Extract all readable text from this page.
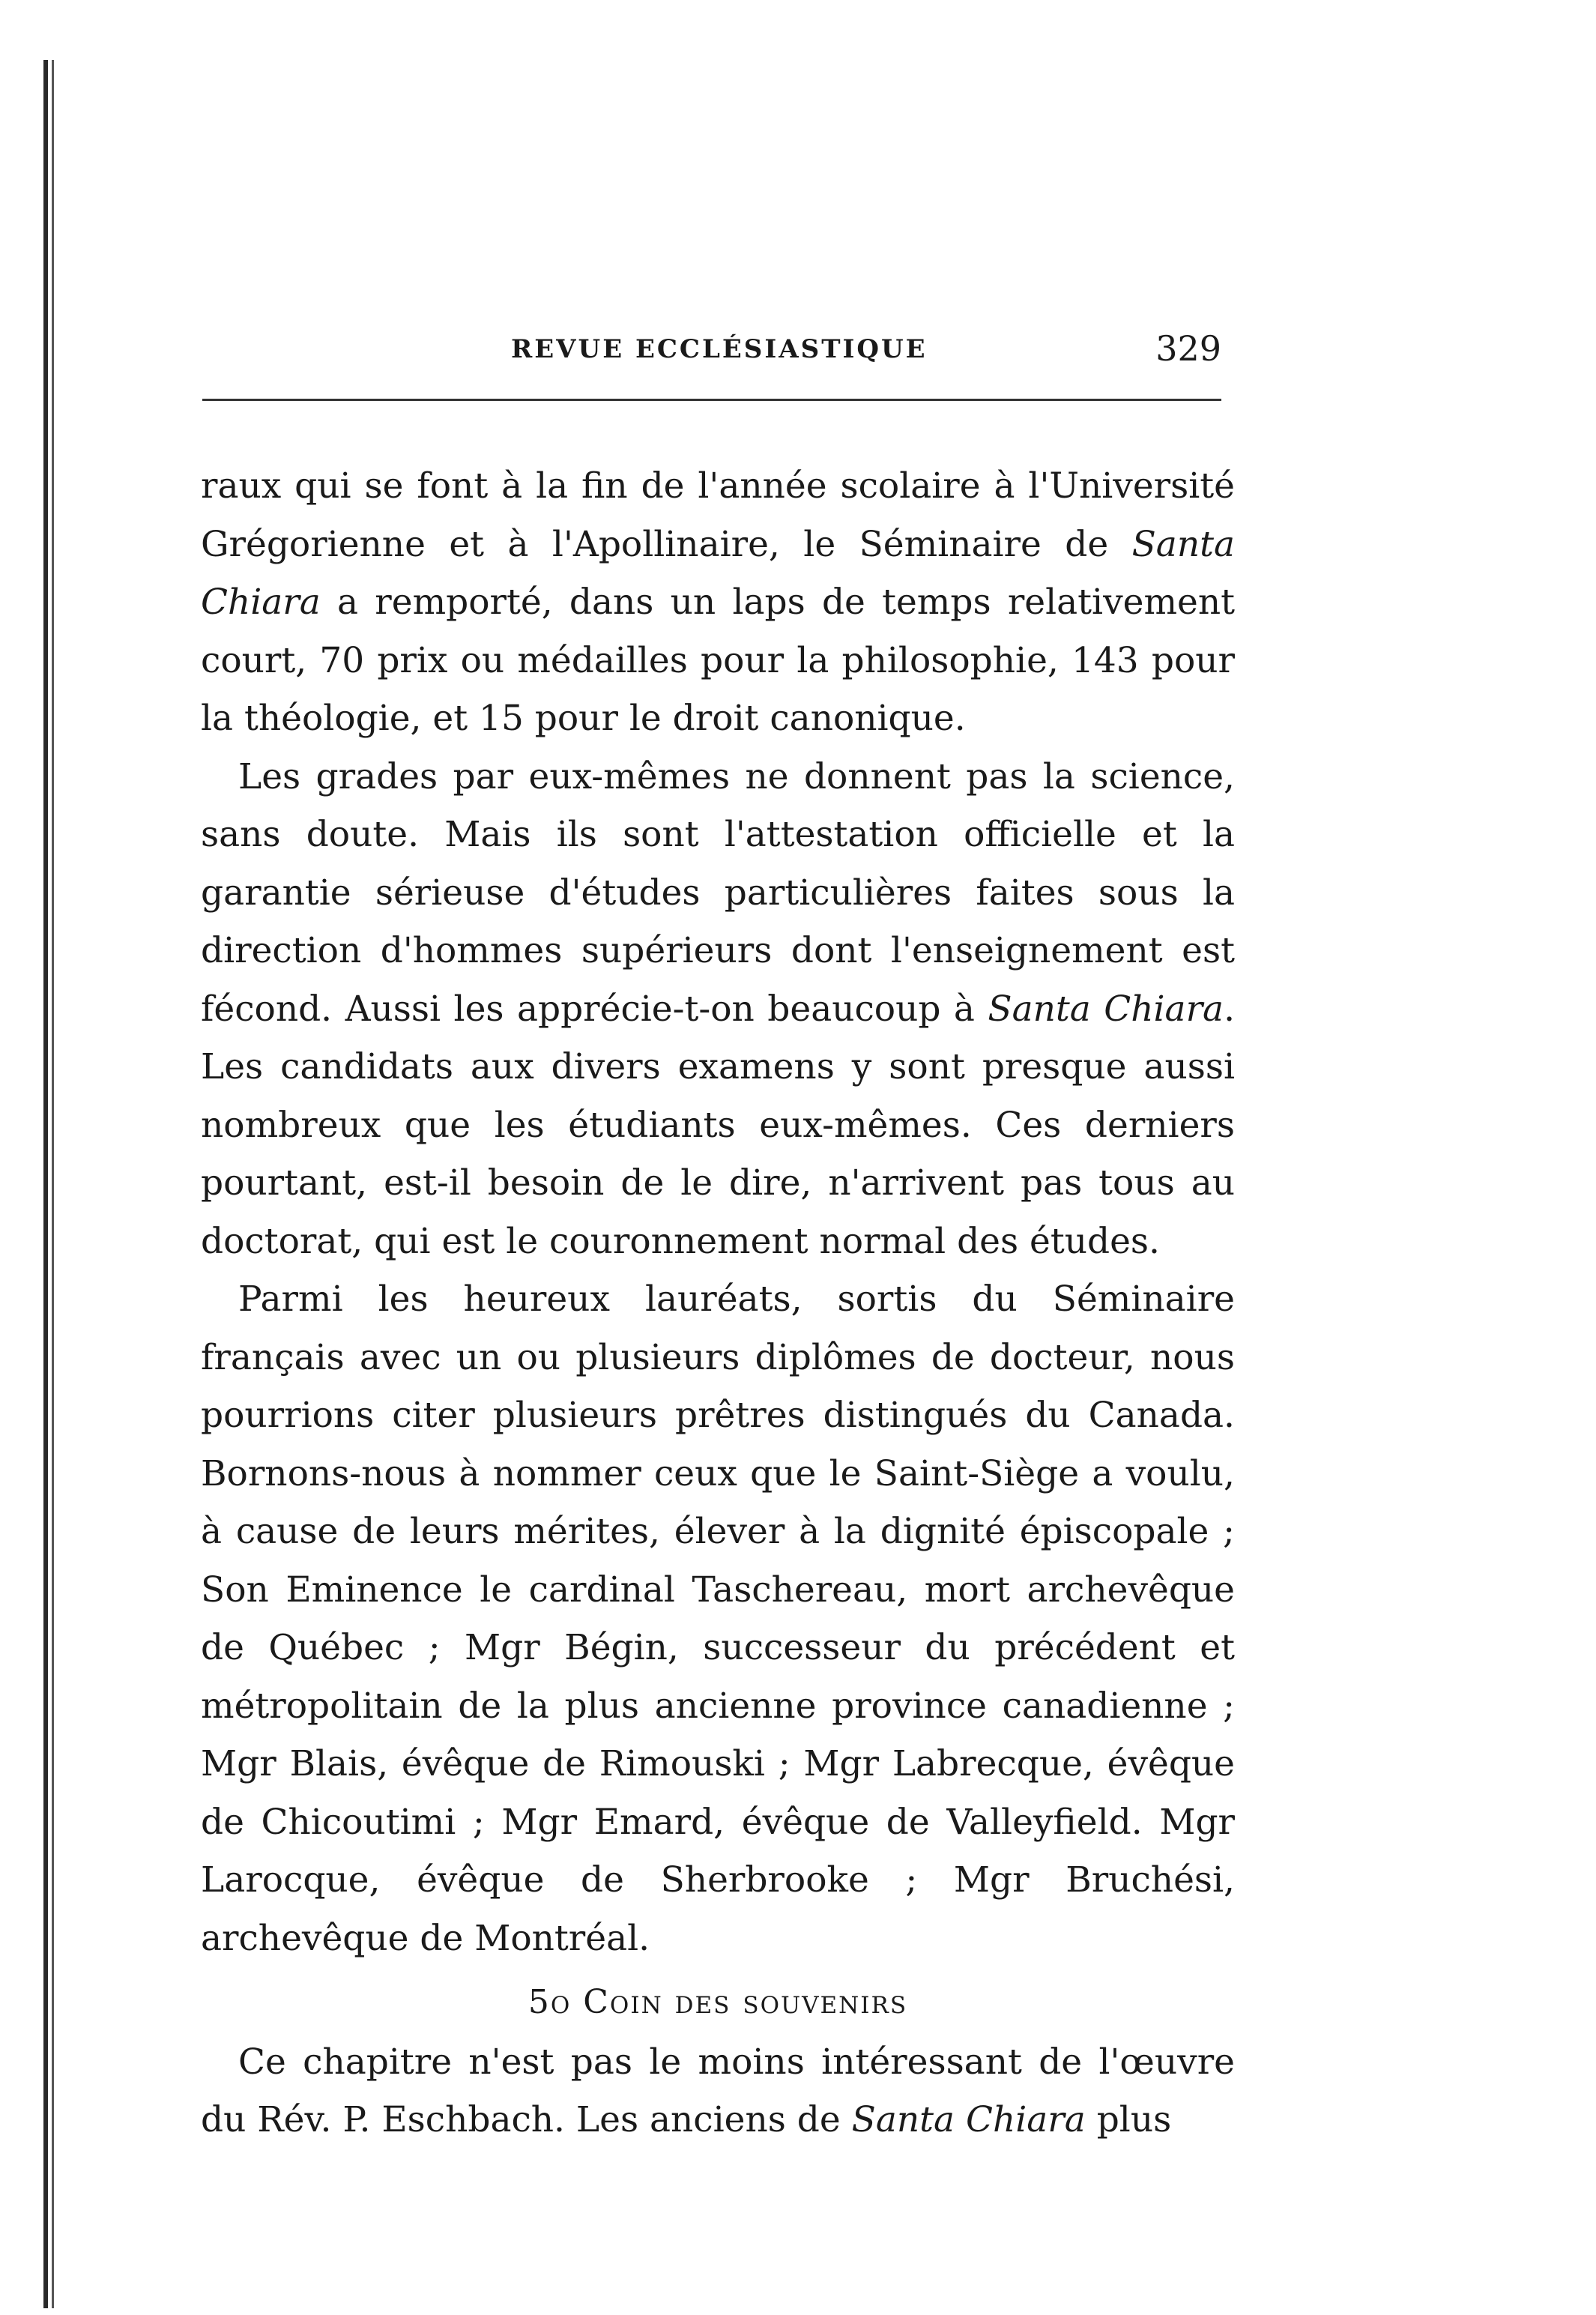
REVUE ECCLÉSIASTIQUE	329

raux qui se font à la fin de l'année scolaire à l'Université Grégorienne et à l'Apollinaire, le Séminaire de Santa Chiara a remporté, dans un laps de temps relativement court, 70 prix ou médailles pour la philosophie, 143 pour la théologie, et 15 pour le droit canonique.

Les grades par eux-mêmes ne donnent pas la science, sans doute. Mais ils sont l'attestation officielle et la garantie sérieuse d'études particulières faites sous la direction d'hommes supérieurs dont l'enseignement est fécond. Aussi les apprécie-t-on beaucoup à Santa Chiara. Les candidats aux divers examens y sont presque aussi nombreux que les étudiants eux-mêmes. Ces derniers pourtant, est-il besoin de le dire, n'arrivent pas tous au doctorat, qui est le couronnement normal des études.

Parmi les heureux lauréats, sortis du Séminaire français avec un ou plusieurs diplômes de docteur, nous pourrions citer plusieurs prêtres distingués du Canada. Bornons-nous à nommer ceux que le Saint-Siège a voulu, à cause de leurs mérites, élever à la dignité épiscopale ; Son Eminence le cardinal Taschereau, mort archevêque de Québec ; Mgr Bégin, successeur du précédent et métropolitain de la plus ancienne province canadienne ; Mgr Blais, évêque de Rimouski ; Mgr Labrecque, évêque de Chicoutimi ; Mgr Emard, évêque de Valleyfield. Mgr Larocque, évêque de Sherbrooke ; Mgr Bruchési, archevêque de Montréal.

5o Coin des souvenirs

Ce chapitre n'est pas le moins intéressant de l'œuvre du Rév. P. Eschbach. Les anciens de Santa Chiara plus
